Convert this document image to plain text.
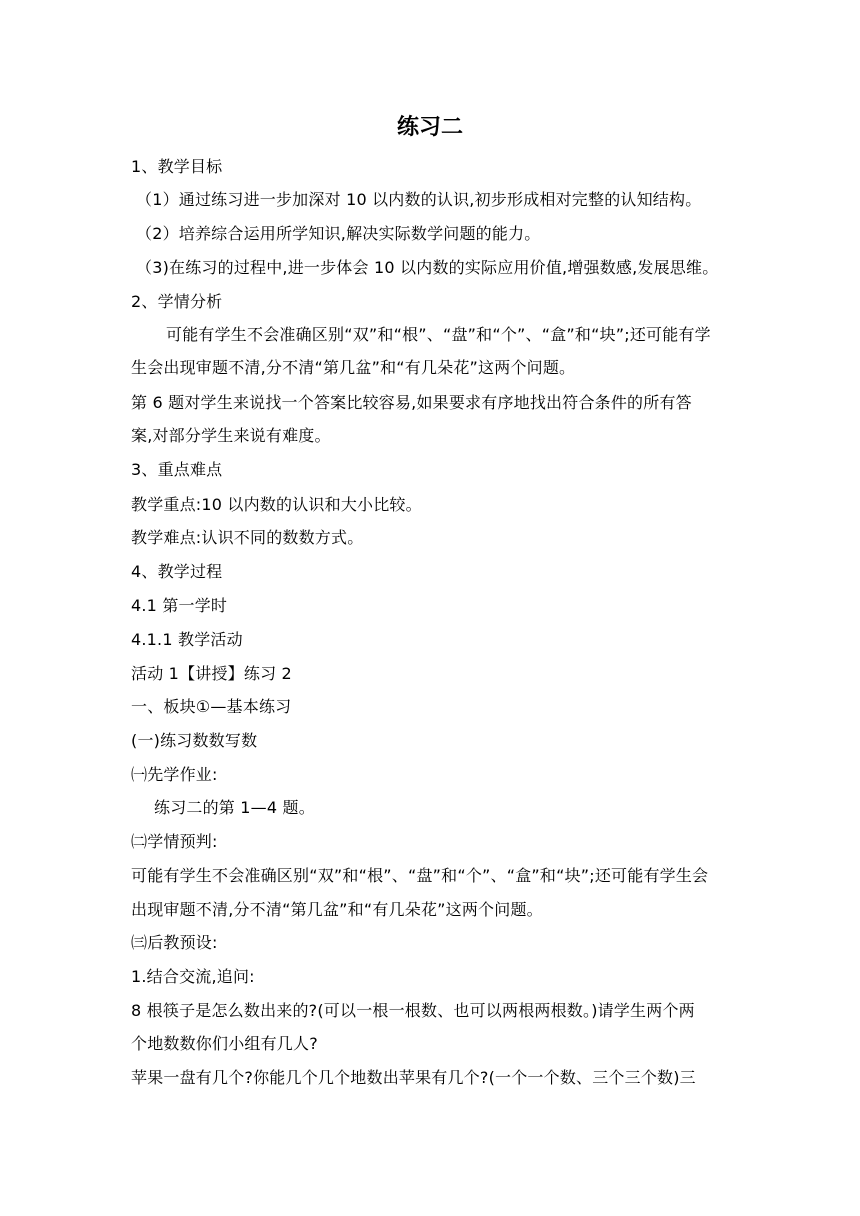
练习二
1、教学目标
（1）通过练习进一步加深对 10 以内数的认识,初步形成相对完整的认知结构。
（2）培养综合运用所学知识,解决实际数学问题的能力。
（3)在练习的过程中,进一步体会 10 以内数的实际应用价值,增强数感,发展思维。
2、学情分析
可能有学生不会准确区别“双”和“根”、“盘”和“个”、“盒”和“块”;还可能有学
生会出现审题不清,分不清“第几盆”和“有几朵花”这两个问题。
第 6 题对学生来说找一个答案比较容易,如果要求有序地找出符合条件的所有答
案,对部分学生来说有难度。
3、重点难点
教学重点:10 以内数的认识和大小比较。
教学难点:认识不同的数数方式。
4、教学过程
4.1 第一学时
4.1.1 教学活动
活动 1【讲授】练习 2
一、板块①—基本练习
(一)练习数数写数
㈠先学作业:
练习二的第 1—4 题。
㈡学情预判:
可能有学生不会准确区别“双”和“根”、“盘”和“个”、“盒”和“块”;还可能有学生会
出现审题不清,分不清“第几盆”和“有几朵花”这两个问题。
㈢后教预设:
1.结合交流,追问:
8 根筷子是怎么数出来的?(可以一根一根数、也可以两根两根数。)请学生两个两
个地数数你们小组有几人?
苹果一盘有几个?你能几个几个地数出苹果有几个?(一个一个数、三个三个数)三
